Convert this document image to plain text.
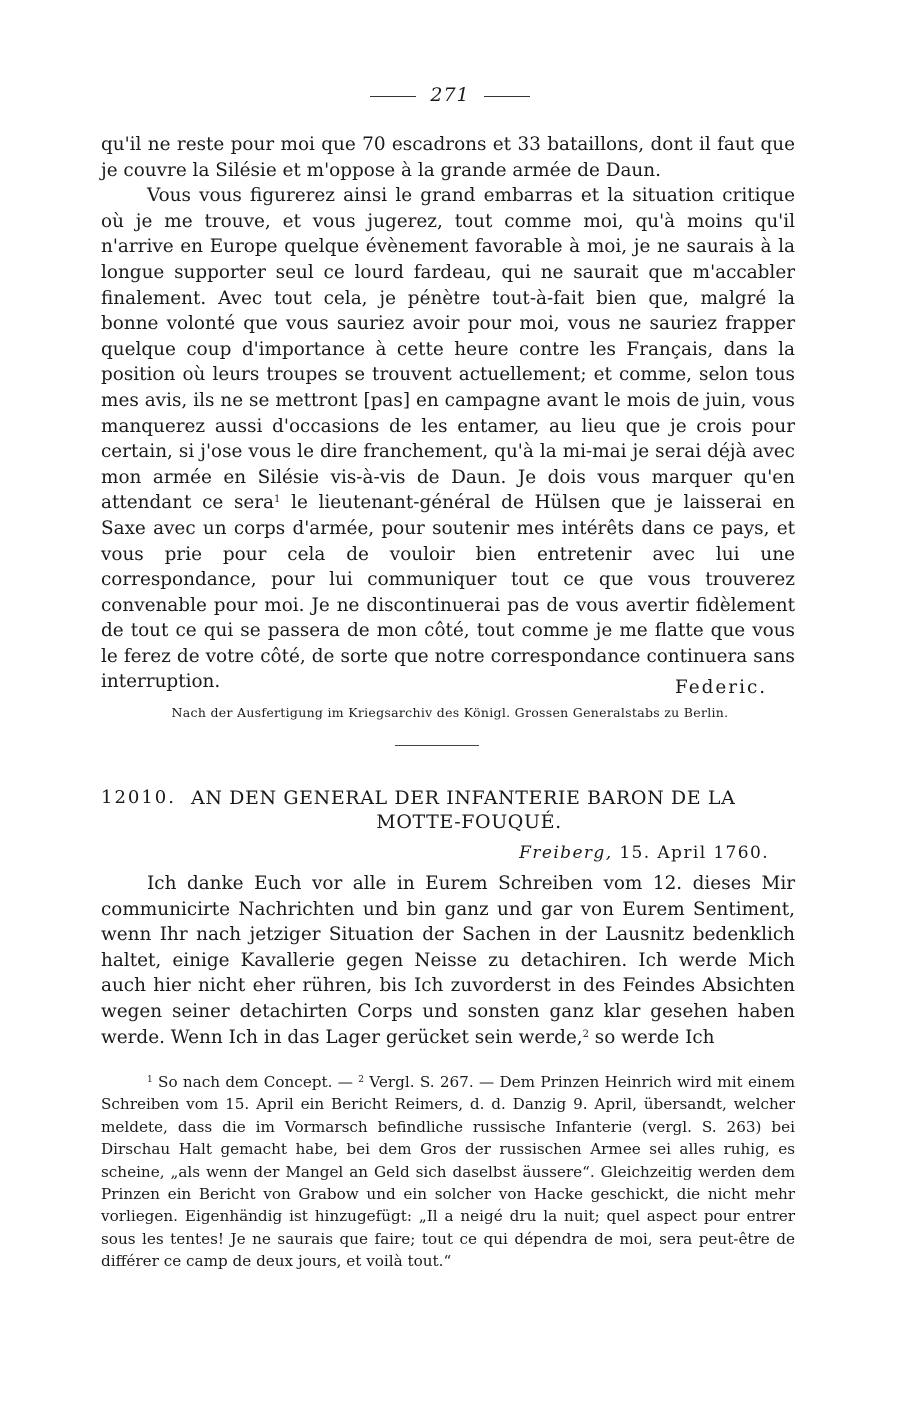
271

qu'il ne reste pour moi que 70 escadrons et 33 bataillons, dont il faut que je couvre la Silésie et m'oppose à la grande armée de Daun.

Vous vous figurerez ainsi le grand embarras et la situation critique où je me trouve, et vous jugerez, tout comme moi, qu'à moins qu'il n'arrive en Europe quelque évènement favorable à moi, je ne saurais à la longue supporter seul ce lourd fardeau, qui ne saurait que m'accabler finalement. Avec tout cela, je pénètre tout-à-fait bien que, malgré la bonne volonté que vous sauriez avoir pour moi, vous ne sauriez frapper quelque coup d'importance à cette heure contre les Français, dans la position où leurs troupes se trouvent actuellement; et comme, selon tous mes avis, ils ne se mettront [pas] en campagne avant le mois de juin, vous manquerez aussi d'occasions de les entamer, au lieu que je crois pour certain, si j'ose vous le dire franchement, qu'à la mi-mai je serai déjà avec mon armée en Silésie vis-à-vis de Daun. Je dois vous marquer qu'en attendant ce sera$^1$ le lieutenant-général de Hülsen que je laisserai en Saxe avec un corps d'armée, pour soutenir mes intérêts dans ce pays, et vous prie pour cela de vouloir bien entretenir avec lui une correspondance, pour lui communiquer tout ce que vous trouverez convenable pour moi. Je ne discontinuerai pas de vous avertir fidèlement de tout ce qui se passera de mon côté, tout comme je me flatte que vous le ferez de votre côté, de sorte que notre correspondance continuera sans interruption.	Federic.
Nach der Ausfertigung im Kriegsarchiv des Königl. Grossen Generalstabs zu Berlin.
12010. AN DEN GENERAL DER INFANTERIE BARON DE LA
MOTTE-FOUQUÉ.
Freiberg, 15. April 1760.

Ich danke Euch vor alle in Eurem Schreiben vom 12. dieses Mir communicirte Nachrichten und bin ganz und gar von Eurem Sentiment, wenn Ihr nach jetziger Situation der Sachen in der Lausnitz bedenklich haltet, einige Kavallerie gegen Neisse zu detachiren. Ich werde Mich auch hier nicht eher rühren, bis Ich zuvorderst in des Feindes Absichten wegen seiner detachirten Corps und sonsten ganz klar gesehen haben werde. Wenn Ich in das Lager gerücket sein werde,$^2$ so werde Ich

$^1$ So nach dem Concept. — $^2$ Vergl. S. 267. — Dem Prinzen Heinrich wird mit einem Schreiben vom 15. April ein Bericht Reimers, d. d. Danzig 9. April, übersandt, welcher meldete, dass die im Vormarsch befindliche russische Infanterie (vergl. S. 263) bei Dirschau Halt gemacht habe, bei dem Gros der russischen Armee sei alles ruhig, es scheine, „als wenn der Mangel an Geld sich daselbst äussere“. Gleichzeitig werden dem Prinzen ein Bericht von Grabow und ein solcher von Hacke geschickt, die nicht mehr vorliegen. Eigenhändig ist hinzugefügt: „Il a neigé dru la nuit; quel aspect pour entrer sous les tentes! Je ne saurais que faire; tout ce qui dépendra de moi, sera peut-être de différer ce camp de deux jours, et voilà tout.“
